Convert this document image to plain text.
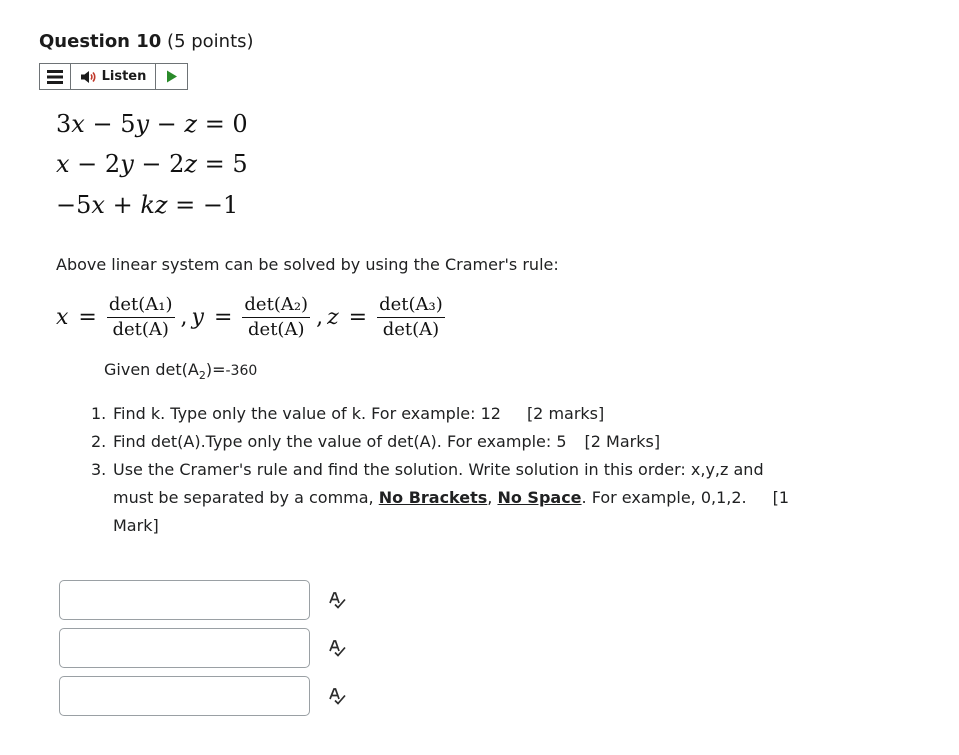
Question 10 (5 points)
Listen
3x − 5y − z = 0
x − 2y − 2z = 5
−5x + kz = −1
Above linear system can be solved by using the Cramer's rule:
$x = \frac{\text{det(A₁)}}{\det(A)}$ , $y = \frac{\text{det(A₂)}}{\det(A)}$ , $z = \frac{\text{det(A₃)}}{\det(A)}$
Given $\det(A_2)=-360$
1. Find k. Type only the value of k. For example: 12 [2 marks]
2. Find det(A).Type only the value of det(A). For example: 5 [2 Marks]
3. Use the Cramer's rule and find the solution. Write solution in this order: x,y,z and must be separated by a comma, No Brackets, No Space. For example, 0,1,2. [1 Mark]
